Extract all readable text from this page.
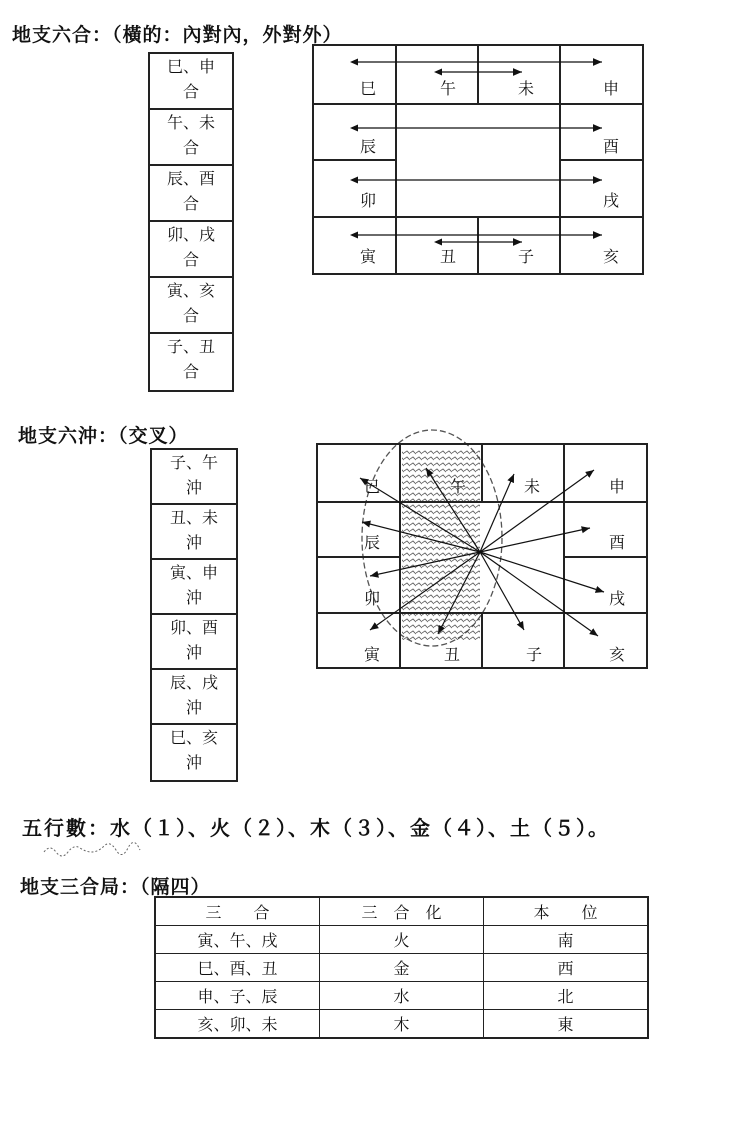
地支六合：（橫的：內對內，外對外）
巳、申
合
午、未
合
辰、酉
合
卯、戌
合
寅、亥
合
子、丑
合
巳	午	未	申
辰	酉
卯	戌
寅	丑	子	亥
地支六沖：（交叉）
子、午
沖
丑、未
沖
寅、申
沖
卯、酉
沖
辰、戌
沖
巳、亥
沖
巳	午	未	申
辰	酉
卯	戌
寅	丑	子	亥
五行數：水（１）、火（２）、木（３）、金（４）、土（５）。
地支三合局：（隔四）
三　　合	三　合　化	本　　位
寅、午、戌	火	南
巳、酉、丑	金	西
申、子、辰	水	北
亥、卯、未	木	東
